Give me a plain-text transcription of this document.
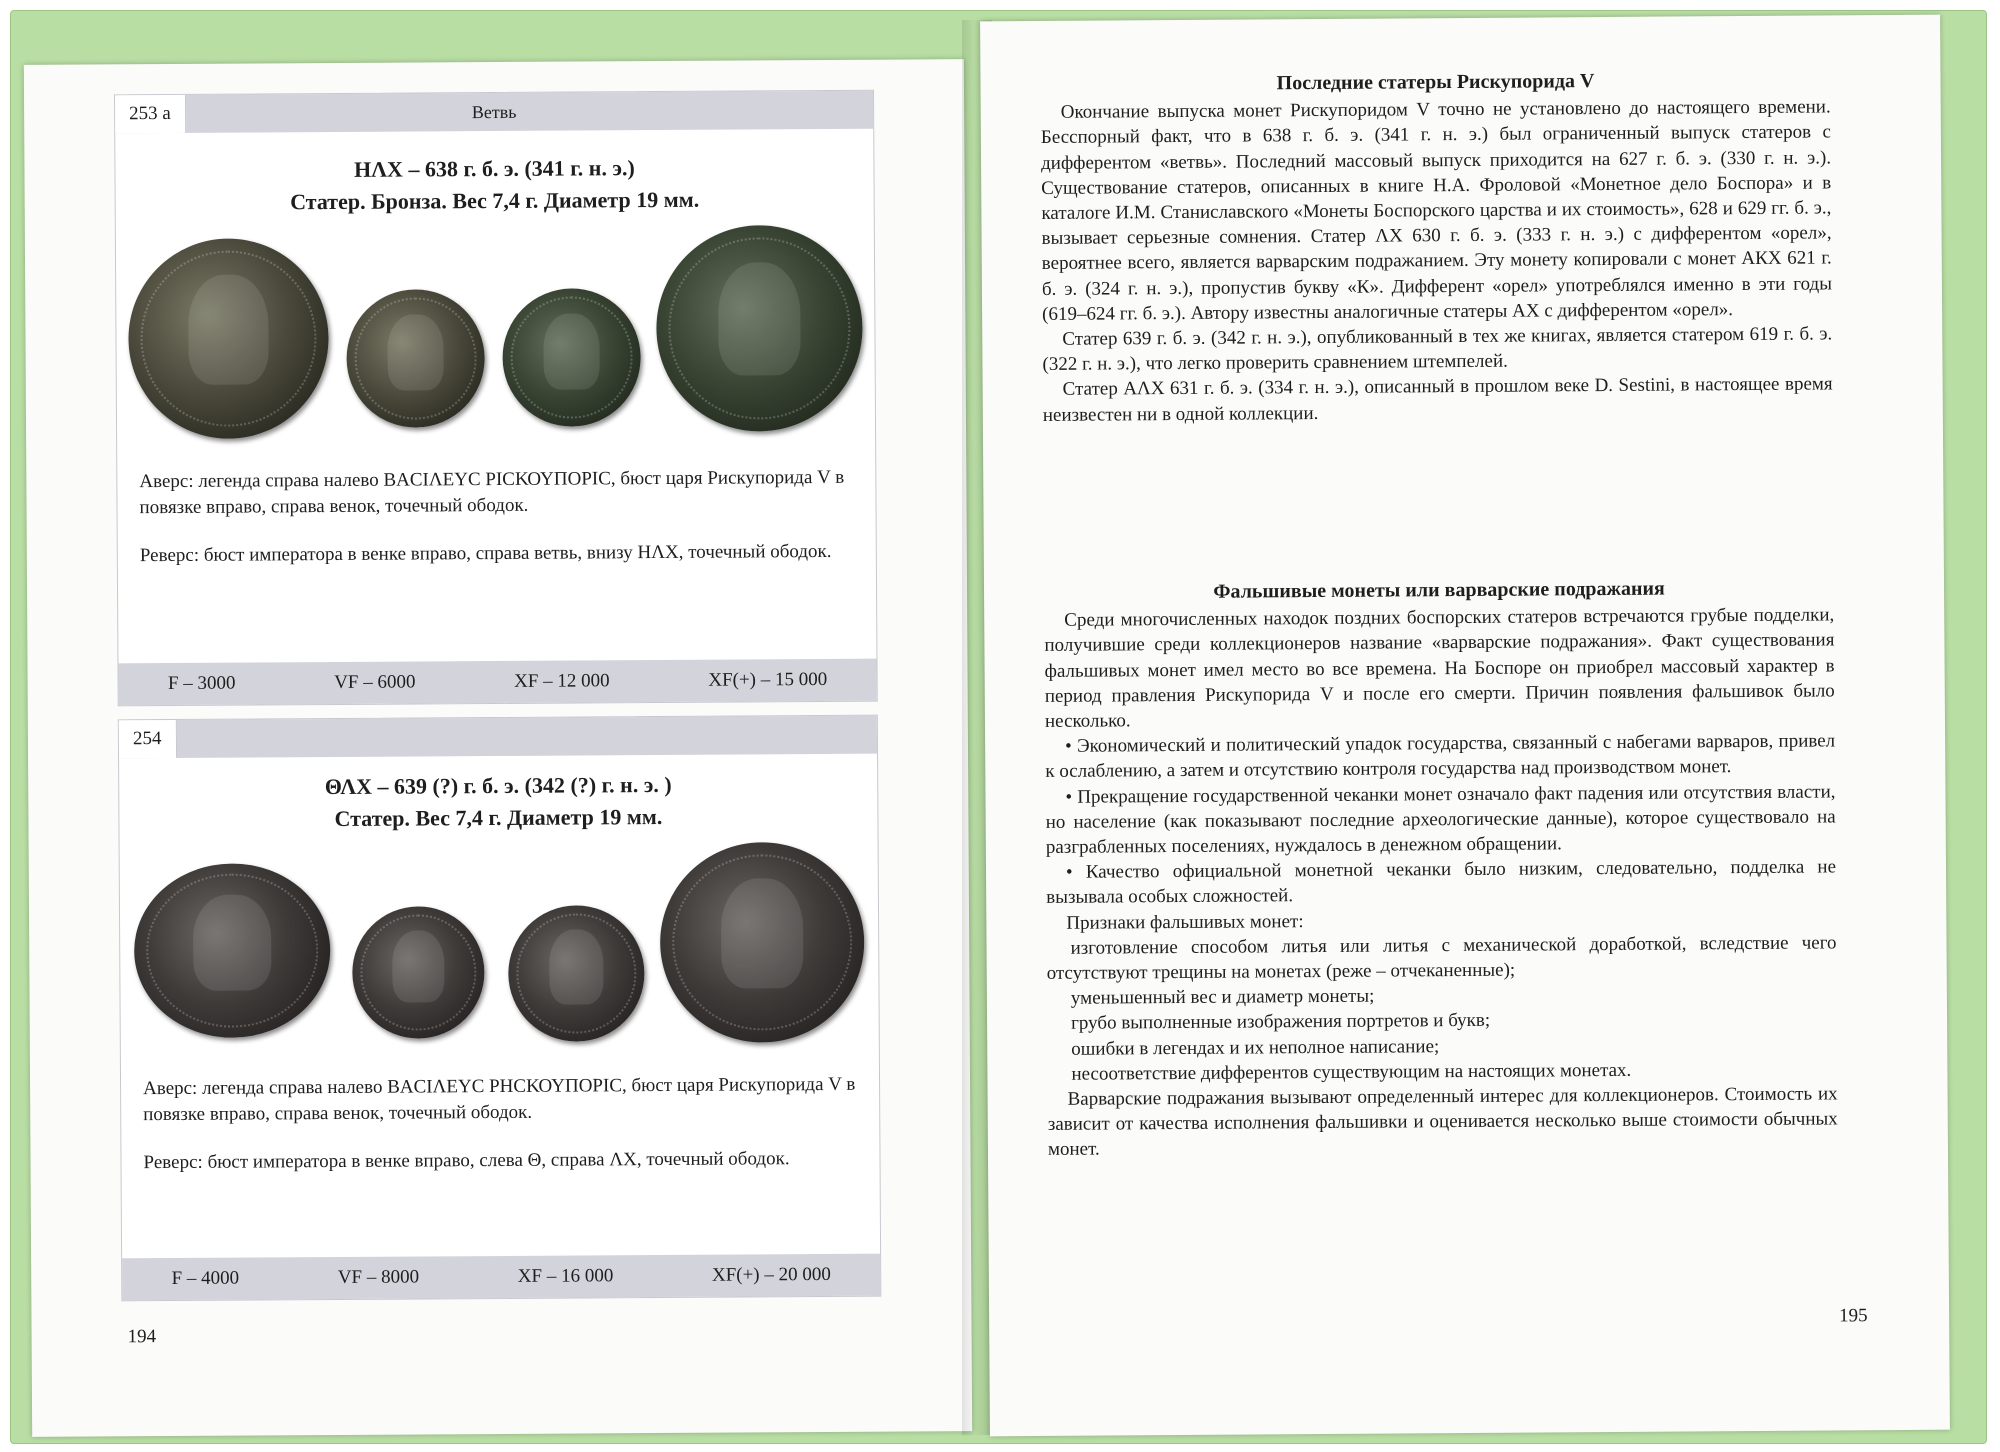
Ветвь
253 а
НΛХ – 638 г. б. э. (341 г. н. э.)
Статер. Бронза. Вес 7,4 г. Диаметр 19 мм.

Аверс: легенда справа налево ΒΑCΙΛΕΥC ΡΙCΚΟΥΠΟΡΙC, бюст царя Рискупорида V в повязке вправо, справа венок, точечный ободок.

Реверс: бюст императора в венке вправо, справа ветвь, внизу НΛХ, точечный ободок.

F – 3000	VF – 6000	XF – 12 000	XF(+) – 15 000
254
ΘΛХ – 639 (?) г. б. э. (342 (?) г. н. э. )
Статер. Вес 7,4 г. Диаметр 19 мм.

Аверс: легенда справа налево ΒΑCΙΛΕΥC ΡΗCΚΟΥΠΟΡΙC, бюст царя Рискупорида V в повязке вправо, справа венок, точечный ободок.

Реверс: бюст императора в венке вправо, слева Θ, справа ΛХ, точечный ободок.

F – 4000	VF – 8000	XF – 16 000	XF(+) – 20 000
194
Последние статеры Рискупорида V

Окончание выпуска монет Рискупоридом V точно не установлено до настоящего времени. Бесспорный факт, что в 638 г. б. э. (341 г. н. э.) был ограниченный выпуск статеров с дифферентом «ветвь». Последний массовый выпуск приходится на 627 г. б. э. (330 г. н. э.). Существование статеров, описанных в книге Н.А. Фроловой «Монетное дело Боспора» и в каталоге И.М. Станиславского «Монеты Боспорского царства и их стоимость», 628 и 629 гг. б. э., вызывает серьезные сомнения. Статер ΛХ 630 г. б. э. (333 г. н. э.) с дифферентом «орел», вероятнее всего, является варварским подражанием. Эту монету копировали с монет АКХ 621 г. б. э. (324 г. н. э.), пропустив букву «К». Дифферент «орел» употреблялся именно в эти годы (619–624 гг. б. э.). Автору известны аналогичные статеры АХ с дифферентом «орел».

Статер 639 г. б. э. (342 г. н. э.), опубликованный в тех же книгах, является статером 619 г. б. э. (322 г. н. э.), что легко проверить сравнением штемпелей.

Статер АΛХ 631 г. б. э. (334 г. н. э.), описанный в прошлом веке D. Sestini, в настоящее время неизвестен ни в одной коллекции.

Фальшивые монеты или варварские подражания

Среди многочисленных находок поздних боспорских статеров встречаются грубые подделки, получившие среди коллекционеров название «варварские подражания». Факт существования фальшивых монет имел место во все времена. На Боспоре он приобрел массовый характер в период правления Рискупорида V и после его смерти. Причин появления фальшивок было несколько.

• Экономический и политический упадок государства, связанный с набегами варваров, привел к ослаблению, а затем и отсутствию контроля государства над производством монет.

• Прекращение государственной чеканки монет означало факт падения или отсутствия власти, но население (как показывают последние археологические данные), которое существовало на разграбленных поселениях, нуждалось в денежном обращении.

• Качество официальной монетной чеканки было низким, следовательно, подделка не вызывала особых сложностей.

Признаки фальшивых монет:

изготовление способом литья или литья с механической доработкой, вследствие чего отсутствуют трещины на монетах (реже – отчеканенные);

уменьшенный вес и диаметр монеты;

грубо выполненные изображения портретов и букв;

ошибки в легендах и их неполное написание;

несоответствие дифферентов существующим на настоящих монетах.

Варварские подражания вызывают определенный интерес для коллекционеров. Стоимость их зависит от качества исполнения фальшивки и оценивается несколько выше стоимости обычных монет.

195
